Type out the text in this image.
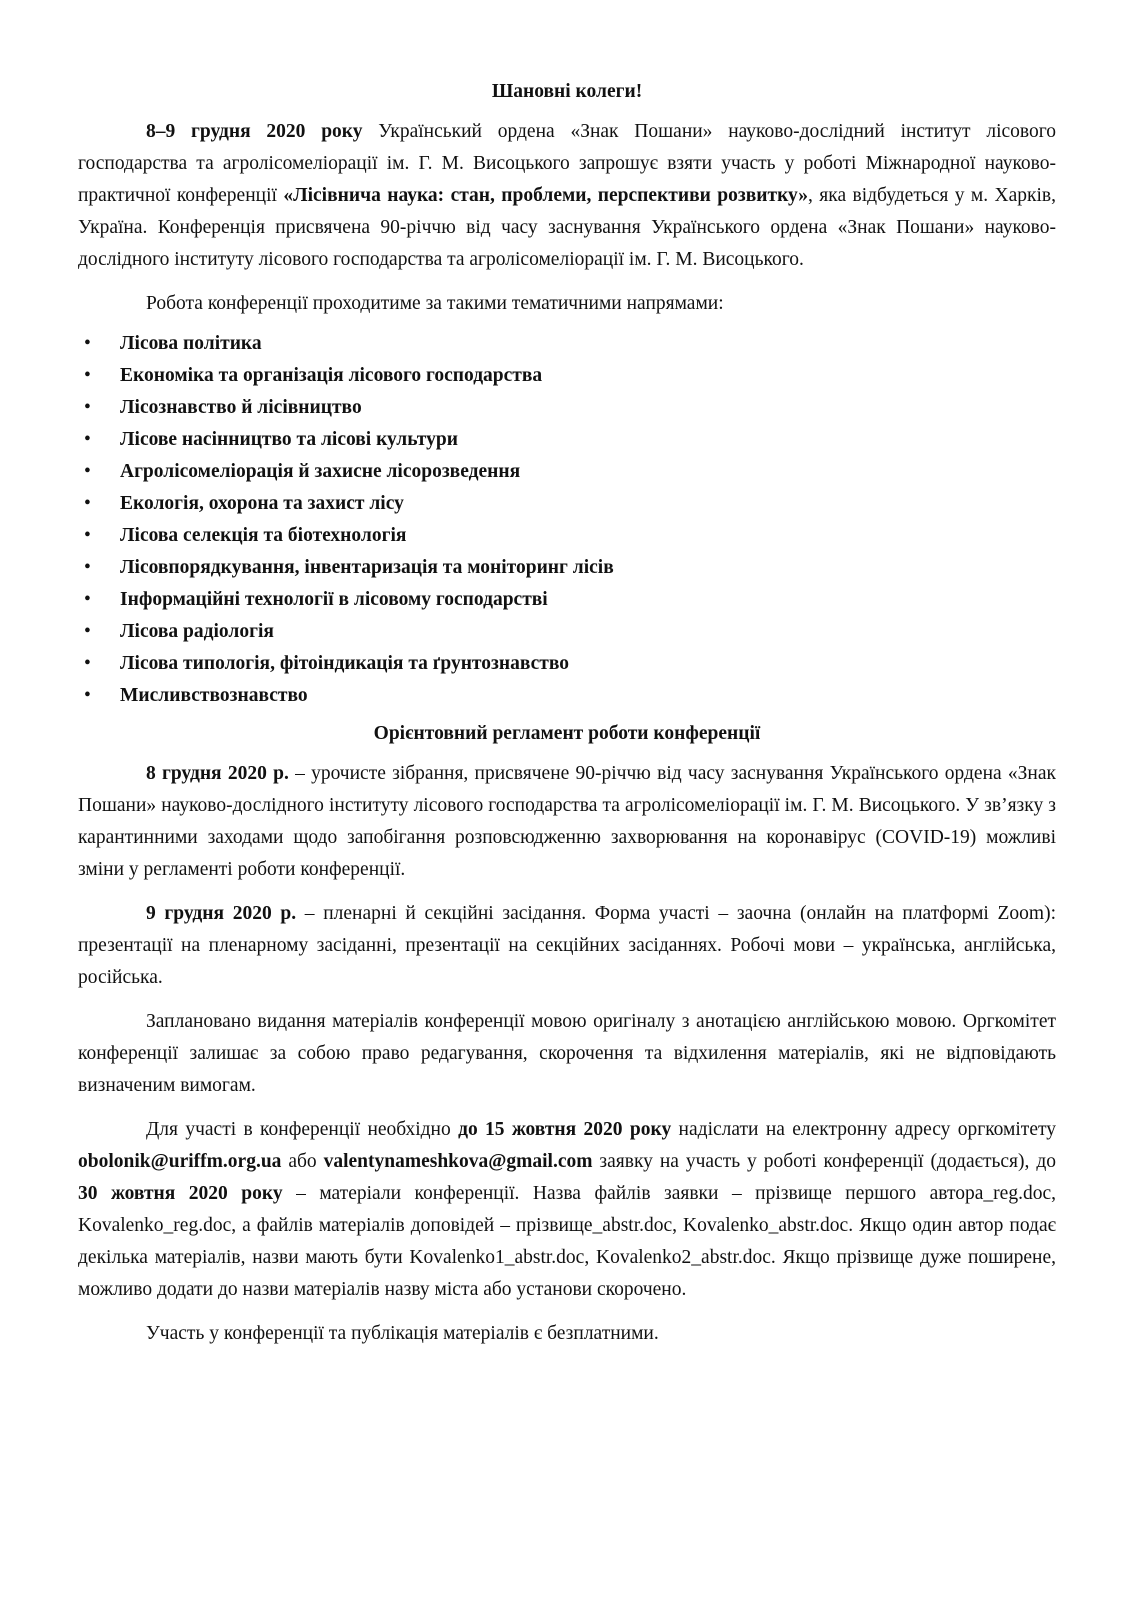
Шановні колеги!

8–9 грудня 2020 року Український ордена «Знак Пошани» науково-дослідний інститут лісового господарства та агролісомеліорації ім. Г. М. Висоцького запрошує взяти участь у роботі Міжнародної науково-практичної конференції «Лісівнича наука: стан, проблеми, перспективи розвитку», яка відбудеться у м. Харків, Україна. Конференція присвячена 90-річчю від часу заснування Українського ордена «Знак Пошани» науково-дослідного інституту лісового господарства та агролісомеліорації ім. Г. М. Висоцького.

Робота конференції проходитиме за такими тематичними напрямами:

• Лісова політика
• Економіка та організація лісового господарства
• Лісознавство й лісівництво
• Лісове насінництво та лісові культури
• Агролісомеліорація й захисне лісорозведення
• Екологія, охорона та захист лісу
• Лісова селекція та біотехнологія
• Лісовпорядкування, інвентаризація та моніторинг лісів
• Інформаційні технології в лісовому господарстві
• Лісова радіологія
• Лісова типологія, фітоіндикація та ґрунтознавство
• Мисливствознавство

Орієнтовний регламент роботи конференції

8 грудня 2020 р. – урочисте зібрання, присвячене 90-річчю від часу заснування Українського ордена «Знак Пошани» науково-дослідного інституту лісового господарства та агролісомеліорації ім. Г. М. Висоцького. У зв’язку з карантинними заходами щодо запобігання розповсюдженню захворювання на коронавірус (COVID-19) можливі зміни у регламенті роботи конференції.

9 грудня 2020 р. – пленарні й секційні засідання. Форма участі – заочна (онлайн на платформі Zoom): презентації на пленарному засіданні, презентації на секційних засіданнях. Робочі мови – українська, англійська, російська.

Заплановано видання матеріалів конференції мовою оригіналу з анотацією англійською мовою. Оргкомітет конференції залишає за собою право редагування, скорочення та відхилення матеріалів, які не відповідають визначеним вимогам.

Для участі в конференції необхідно до 15 жовтня 2020 року надіслати на електронну адресу оргкомітету obolonik@uriffm.org.ua або valentynameshkova@gmail.com заявку на участь у роботі конференції (додається), до 30 жовтня 2020 року – матеріали конференції. Назва файлів заявки – прізвище першого автора_reg.doc, Kovalenko_reg.doc, а файлів матеріалів доповідей – прізвище_abstr.doc, Kovalenko_abstr.doc. Якщо один автор подає декілька матеріалів, назви мають бути Kovalenko1_abstr.doc, Kovalenko2_abstr.doc. Якщо прізвище дуже поширене, можливо додати до назви матеріалів назву міста або установи скорочено.

Участь у конференції та публікація матеріалів є безплатними.
